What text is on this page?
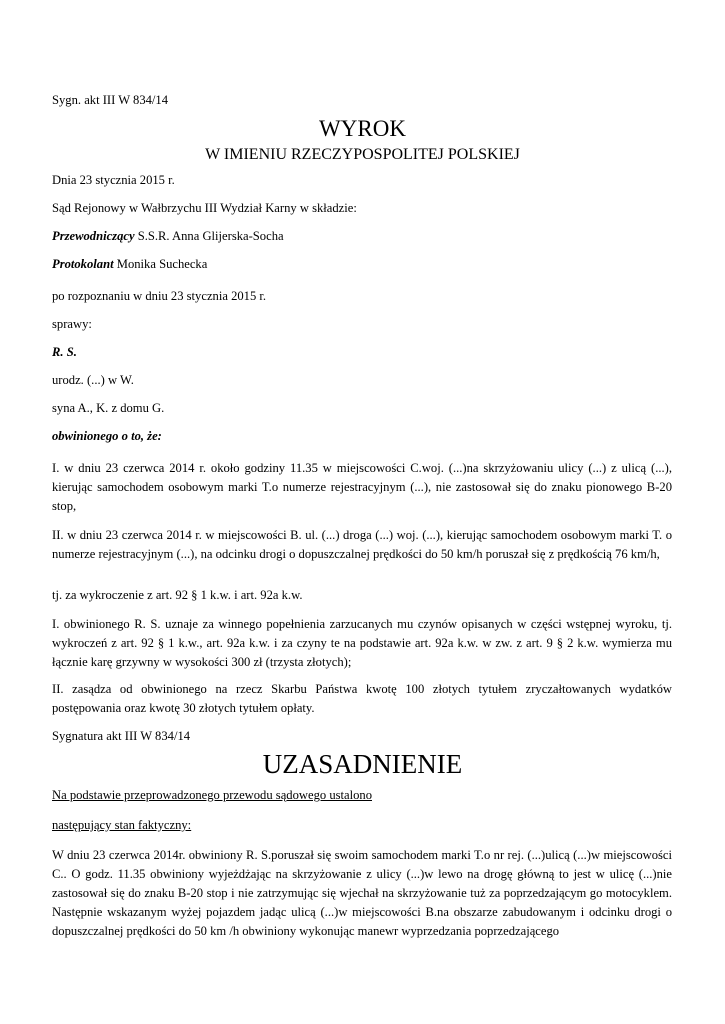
Sygn. akt III W 834/14
WYROK
W IMIENIU RZECZYPOSPOLITEJ POLSKIEJ
Dnia 23 stycznia 2015 r.
Sąd Rejonowy w Wałbrzychu III Wydział Karny w składzie:
Przewodniczący S.S.R. Anna Glijerska-Socha
Protokolant Monika Suchecka
po rozpoznaniu w dniu 23 stycznia 2015 r.
sprawy:
R. S.
urodz. (...) w W.
syna A., K. z domu G.
obwinionego o to, że:
I. w dniu 23 czerwca 2014 r. około godziny 11.35 w miejscowości C.woj. (...)na skrzyżowaniu ulicy (...) z ulicą (...), kierując samochodem osobowym marki T.o numerze rejestracyjnym (...), nie zastosował się do znaku pionowego B-20 stop,
II. w dniu 23 czerwca 2014 r. w miejscowości B. ul. (...) droga (...) woj. (...), kierując samochodem osobowym marki T. o numerze rejestracyjnym (...), na odcinku drogi o dopuszczalnej prędkości do 50 km/h poruszał się z prędkością 76 km/h,
tj. za wykroczenie z art. 92 § 1 k.w. i art. 92a k.w.
I. obwinionego R. S. uznaje za winnego popełnienia zarzucanych mu czynów opisanych w części wstępnej wyroku, tj. wykroczeń z art. 92 § 1 k.w., art. 92a k.w. i za czyny te na podstawie art. 92a k.w. w zw. z art. 9 § 2 k.w. wymierza mu łącznie karę grzywny w wysokości 300 zł (trzysta złotych);
II. zasądza od obwinionego na rzecz Skarbu Państwa kwotę 100 złotych tytułem zryczałtowanych wydatków postępowania oraz kwotę 30 złotych tytułem opłaty.
Sygnatura akt III W 834/14
UZASADNIENIE
Na podstawie przeprowadzonego przewodu sądowego ustalono
następujący stan faktyczny:
W dniu 23 czerwca 2014r. obwiniony R. S.poruszał się swoim samochodem marki T.o nr rej. (...)ulicą (...)w miejscowości C.. O godz. 11.35 obwiniony wyjeżdżając na skrzyżowanie z ulicy (...)w lewo na drogę główną to jest w ulicę (...)nie zastosował się do znaku B-20 stop i nie zatrzymując się wjechał na skrzyżowanie tuż za poprzedzającym go motocyklem. Następnie wskazanym wyżej pojazdem jadąc ulicą (...)w miejscowości B.na obszarze zabudowanym i odcinku drogi o dopuszczalnej prędkości do 50 km /h obwiniony wykonując manewr wyprzedzania poprzedzającego
